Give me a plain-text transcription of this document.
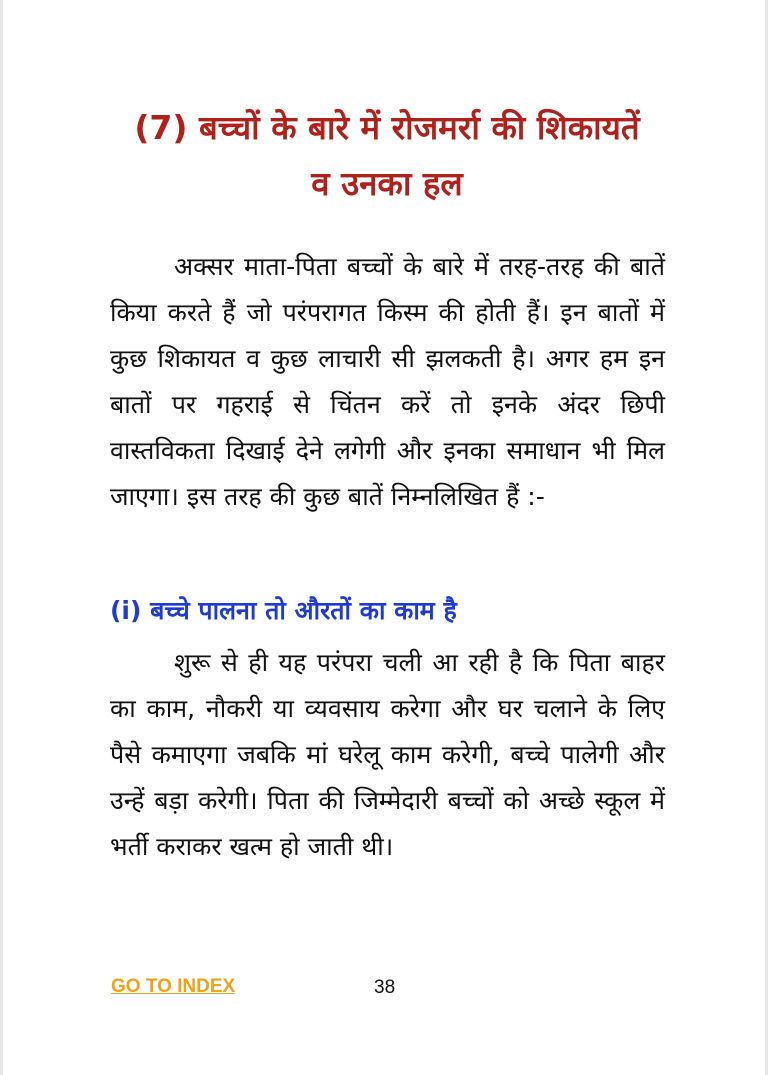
(7) बच्चों के बारे में रोजमर्रा की शिकायतें
व उनका हल

अक्सर माता-पिता बच्चों के बारे में तरह-तरह की बातें किया करते हैं जो परंपरागत किस्म की होती हैं। इन बातों में कुछ शिकायत व कुछ लाचारी सी झलकती है। अगर हम इन बातों पर गहराई से चिंतन करें तो इनके अंदर छिपी वास्तविकता दिखाई देने लगेगी और इनका समाधान भी मिल जाएगा। इस तरह की कुछ बातें निम्नलिखित हैं :-

(i) बच्चे पालना तो औरतों का काम है

शुरू से ही यह परंपरा चली आ रही है कि पिता बाहर का काम, नौकरी या व्यवसाय करेगा और घर चलाने के लिए पैसे कमाएगा जबकि मां घरेलू काम करेगी, बच्चे पालेगी और उन्हें बड़ा करेगी। पिता की जिम्मेदारी बच्चों को अच्छे स्कूल में भर्ती कराकर खत्म हो जाती थी।

GO TO INDEX	38
